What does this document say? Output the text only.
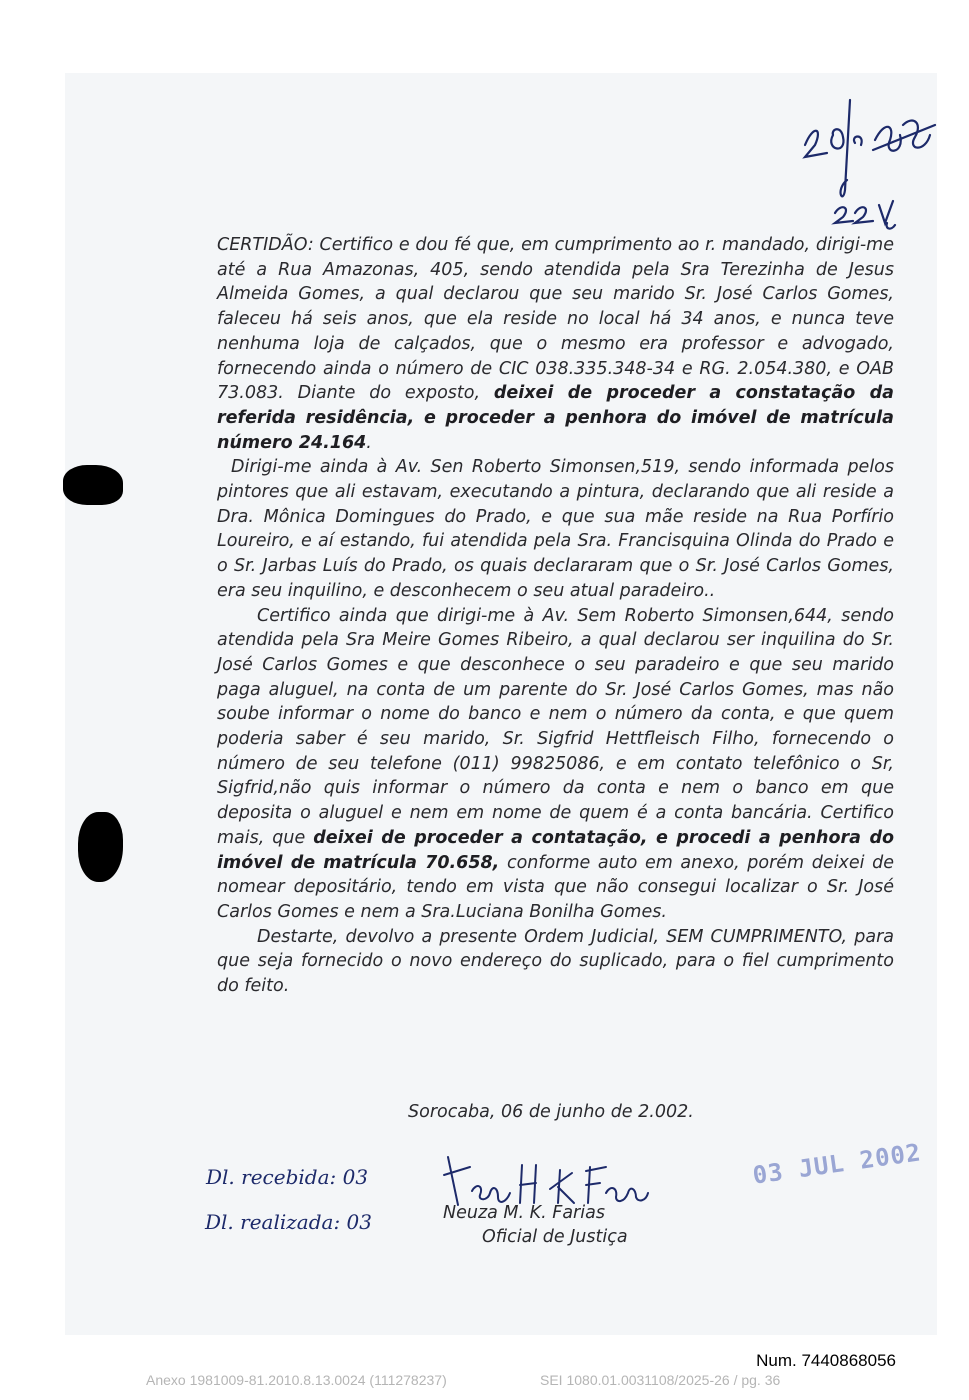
CERTIDÃO: Certifico e dou fé que, em cumprimento ao r. mandado, dirigi-me até a Rua Amazonas, 405, sendo atendida pela Sra Terezinha de Jesus Almeida Gomes, a qual declarou que seu marido Sr. José Carlos Gomes, faleceu há seis anos, que ela reside no local há 34 anos, e nunca teve nenhuma loja de calçados, que o mesmo era professor e advogado, fornecendo ainda o número de CIC 038.335.348-34 e RG. 2.054.380, e OAB 73.083. Diante do exposto, deixei de proceder a constatação da referida residência, e proceder a penhora do imóvel de matrícula número 24.164.

Dirigi-me ainda à Av. Sen Roberto Simonsen,519, sendo informada pelos pintores que ali estavam, executando a pintura, declarando que ali reside a Dra. Mônica Domingues do Prado, e que sua mãe reside na Rua Porfírio Loureiro, e aí estando, fui atendida pela Sra. Francisquina Olinda do Prado e o Sr. Jarbas Luís do Prado, os quais declararam que o Sr. José Carlos Gomes, era seu inquilino, e desconhecem o seu atual paradeiro..

Certifico ainda que dirigi-me à Av. Sem Roberto Simonsen,644, sendo atendida pela Sra Meire Gomes Ribeiro, a qual declarou ser inquilina do Sr. José Carlos Gomes e que desconhece o seu paradeiro e que seu marido paga aluguel, na conta de um parente do Sr. José Carlos Gomes, mas não soube informar o nome do banco e nem o número da conta, e que quem poderia saber é seu marido, Sr. Sigfrid Hettfleisch Filho, fornecendo o número de seu telefone (011) 99825086, e em contato telefônico o Sr, Sigfrid,não quis informar o número da conta e nem o banco em que deposita o aluguel e nem em nome de quem é a conta bancária. Certifico mais, que deixei de proceder a contatação, e procedi a penhora do imóvel de matrícula 70.658, conforme auto em anexo, porém deixei de nomear depositário, tendo em vista que não consegui localizar o Sr. José Carlos Gomes e nem a Sra.Luciana Bonilha Gomes.

Destarte, devolvo a presente Ordem Judicial, SEM CUMPRIMENTO, para que seja fornecido o novo endereço do suplicado, para o fiel cumprimento do feito.

Sorocaba, 06 de junho de 2.002.
Neuza M. K. Farias
Oficial de Justiça
Dl. recebida: 03
Dl. realizada: 03
03 JUL 2002
Num. 7440868056
Anexo 1981009-81.2010.8.13.0024 (111278237)	SEI 1080.01.0031108/2025-26 / pg. 36
